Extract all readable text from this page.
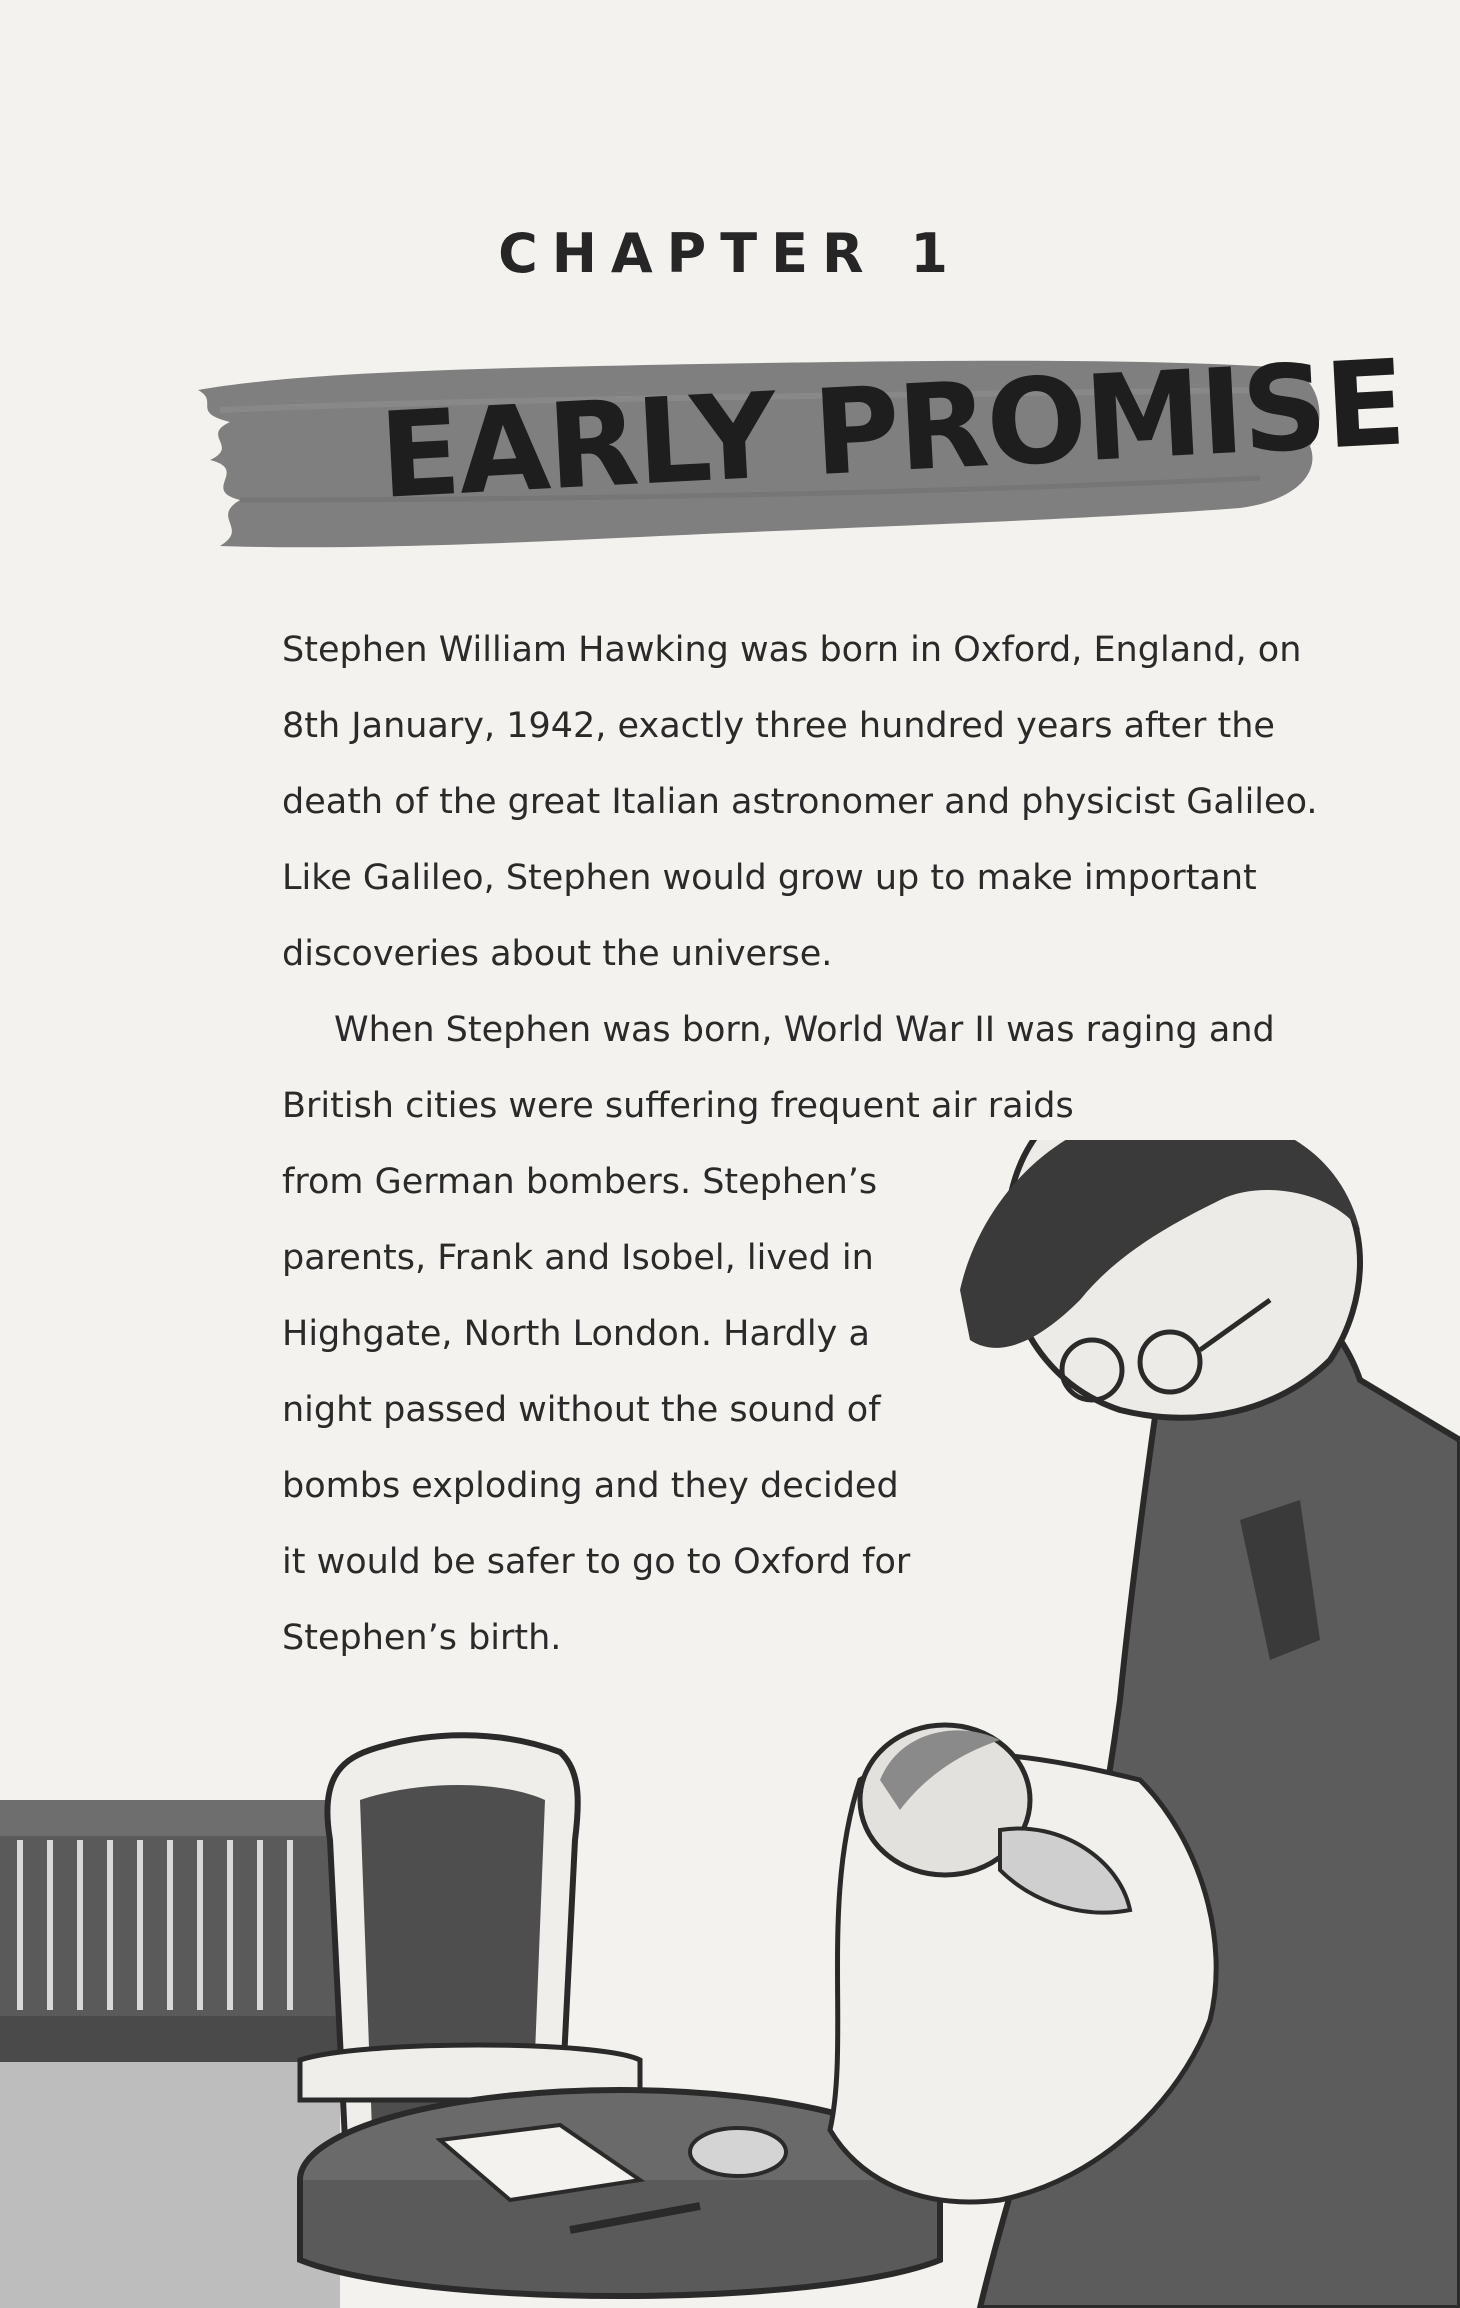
CHAPTER 1
EARLY PROMISE

Stephen William Hawking was born in Oxford, England, on 8th January, 1942, exactly three hundred years after the death of the great Italian astronomer and physicist Galileo. Like Galileo, Stephen would grow up to make important discoveries about the universe.

When Stephen was born, World War II was raging and British cities were suffering frequent air raids

from German bombers. Stephen’s parents, Frank and Isobel, lived in Highgate, North London. Hardly a night passed without the sound of bombs exploding and they decided it would be safer to go to Oxford for Stephen’s birth.
